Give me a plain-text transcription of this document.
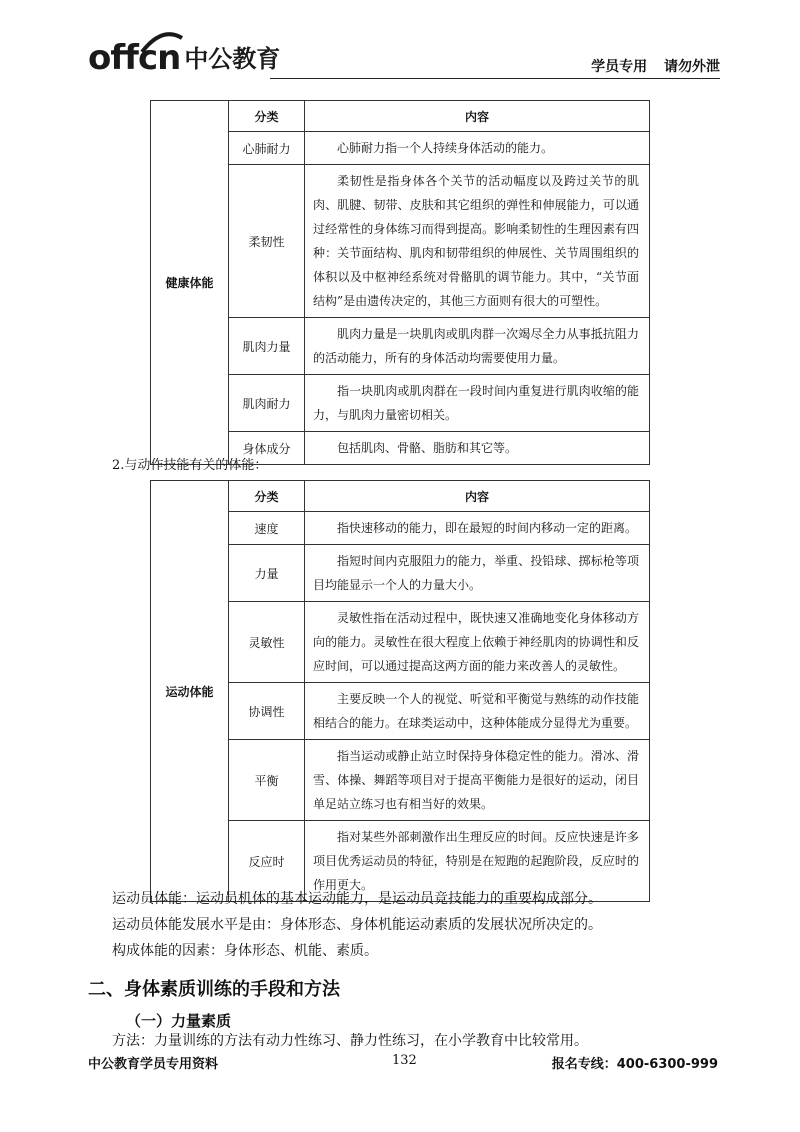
offcn 中公教育	学员专用 请勿外泄
健康体能	分类	内容
	心肺耐力	心肺耐力指一个人持续身体活动的能力。
	柔韧性	柔韧性是指身体各个关节的活动幅度以及跨过关节的肌肉、肌腱、韧带、皮肤和其它组织的弹性和伸展能力，可以通过经常性的身体练习而得到提高。影响柔韧性的生理因素有四种：关节面结构、肌肉和韧带组织的伸展性、关节周围组织的体积以及中枢神经系统对骨骼肌的调节能力。其中，“关节面结构”是由遗传决定的，其他三方面则有很大的可塑性。
	肌肉力量	肌肉力量是一块肌肉或肌肉群一次竭尽全力从事抵抗阻力的活动能力，所有的身体活动均需要使用力量。
	肌肉耐力	指一块肌肉或肌肉群在一段时间内重复进行肌肉收缩的能力，与肌肉力量密切相关。
	身体成分	包括肌肉、骨骼、脂肪和其它等。
2.与动作技能有关的体能：
运动体能	分类	内容
	速度	指快速移动的能力，即在最短的时间内移动一定的距离。
	力量	指短时间内克服阻力的能力，举重、投铅球、掷标枪等项目均能显示一个人的力量大小。
	灵敏性	灵敏性指在活动过程中，既快速又准确地变化身体移动方向的能力。灵敏性在很大程度上依赖于神经肌肉的协调性和反应时间，可以通过提高这两方面的能力来改善人的灵敏性。
	协调性	主要反映一个人的视觉、听觉和平衡觉与熟练的动作技能相结合的能力。在球类运动中，这种体能成分显得尤为重要。
	平衡	指当运动或静止站立时保持身体稳定性的能力。滑冰、滑雪、体操、舞蹈等项目对于提高平衡能力是很好的运动，闭目单足站立练习也有相当好的效果。
	反应时	指对某些外部刺激作出生理反应的时间。反应快速是许多项目优秀运动员的特征，特别是在短跑的起跑阶段，反应时的作用更大。
运动员体能：运动员机体的基本运动能力，是运动员竞技能力的重要构成部分。
运动员体能发展水平是由：身体形态、身体机能运动素质的发展状况所决定的。
构成体能的因素：身体形态、机能、素质。
二、身体素质训练的手段和方法
（一）力量素质
方法：力量训练的方法有动力性练习、静力性练习，在小学教育中比较常用。
中公教育学员专用资料	132	报名专线：400-6300-999
